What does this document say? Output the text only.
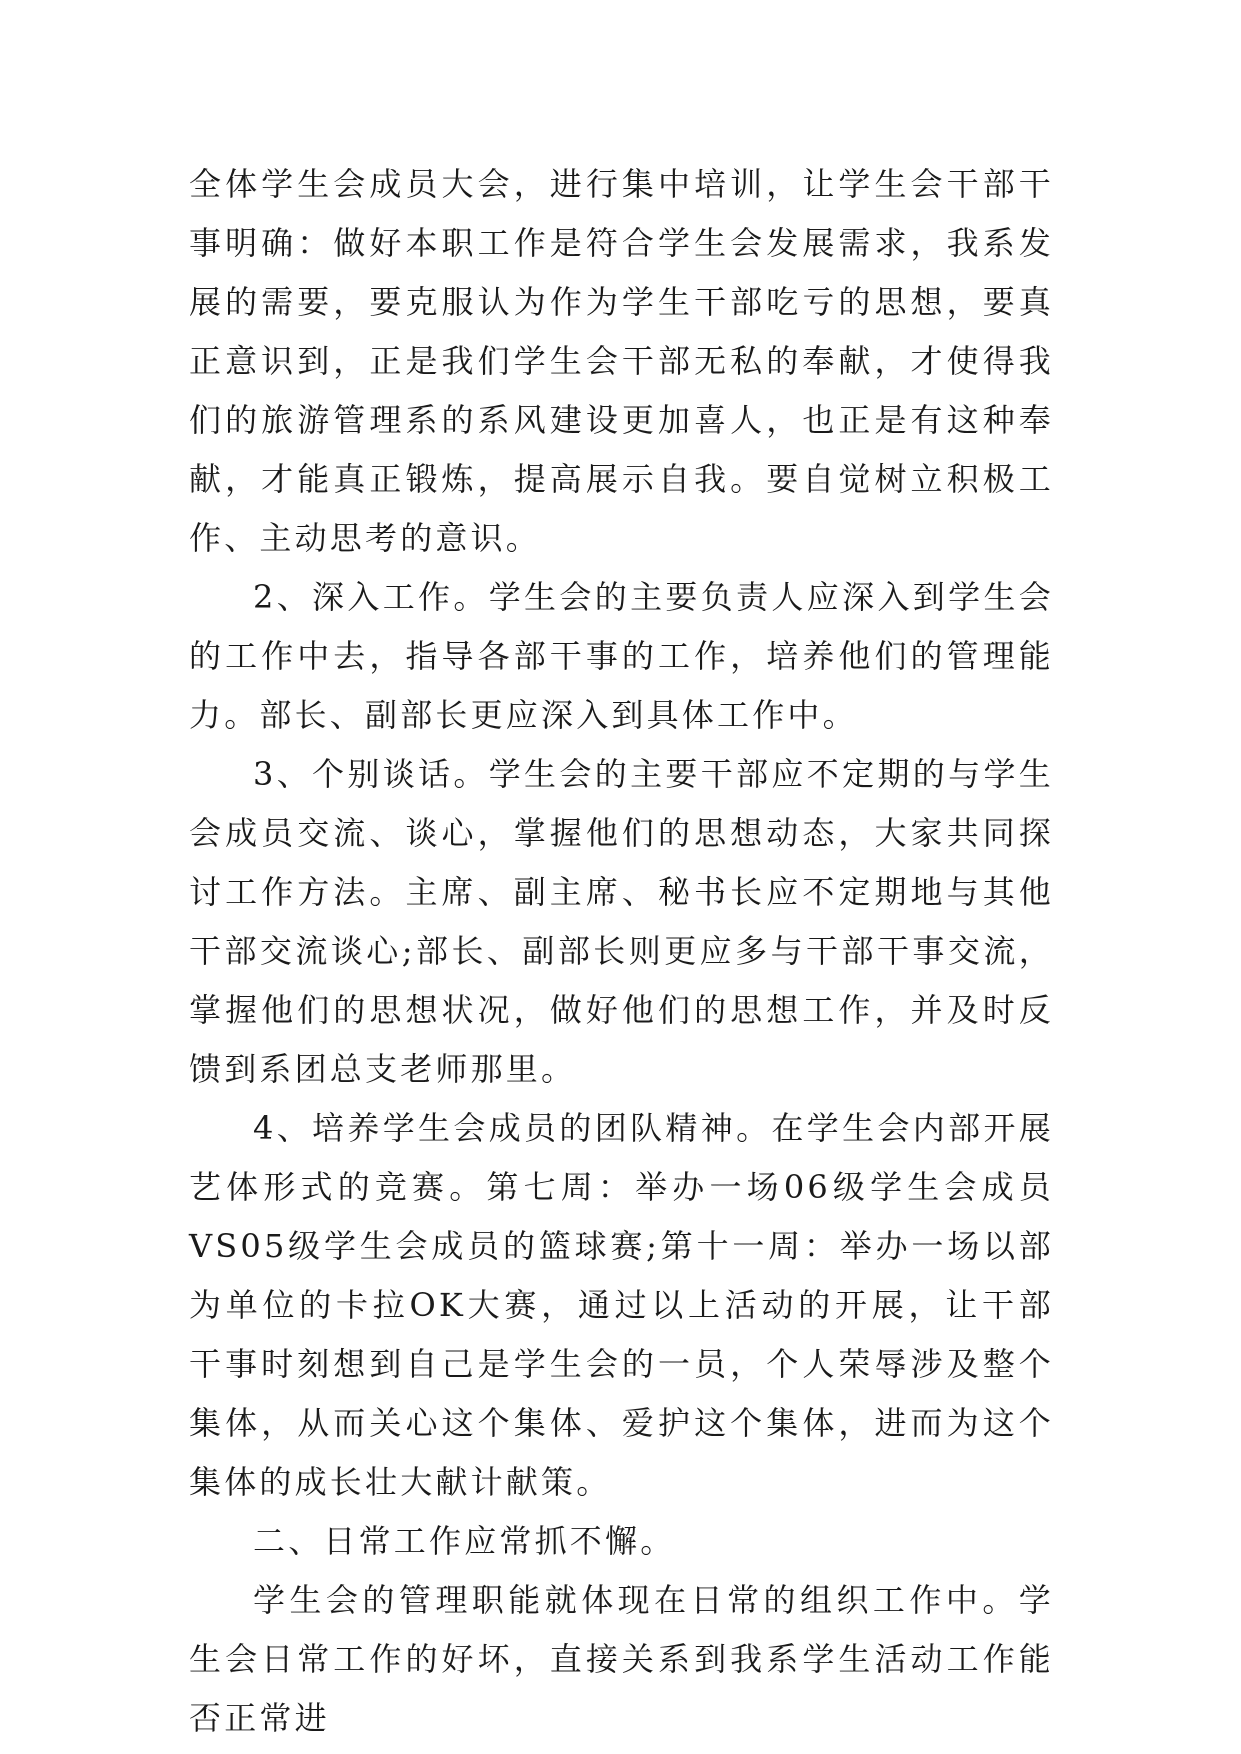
全体学生会成员大会，进行集中培训，让学生会干部干事明确：做好本职工作是符合学生会发展需求，我系发展的需要，要克服认为作为学生干部吃亏的思想，要真正意识到，正是我们学生会干部无私的奉献，才使得我们的旅游管理系的系风建设更加喜人，也正是有这种奉献，才能真正锻炼，提高展示自我。要自觉树立积极工作、主动思考的意识。

2、深入工作。学生会的主要负责人应深入到学生会的工作中去，指导各部干事的工作，培养他们的管理能力。部长、副部长更应深入到具体工作中。

3、个别谈话。学生会的主要干部应不定期的与学生会成员交流、谈心，掌握他们的思想动态，大家共同探讨工作方法。主席、副主席、秘书长应不定期地与其他干部交流谈心;部长、副部长则更应多与干部干事交流，掌握他们的思想状况，做好他们的思想工作，并及时反馈到系团总支老师那里。

4、培养学生会成员的团队精神。在学生会内部开展艺体形式的竞赛。第七周：举办一场06级学生会成员VS05级学生会成员的篮球赛;第十一周：举办一场以部为单位的卡拉OK大赛，通过以上活动的开展，让干部干事时刻想到自己是学生会的一员，个人荣辱涉及整个集体，从而关心这个集体、爱护这个集体，进而为这个集体的成长壮大献计献策。

二、日常工作应常抓不懈。

学生会的管理职能就体现在日常的组织工作中。学生会日常工作的好坏，直接关系到我系学生活动工作能否正常进
